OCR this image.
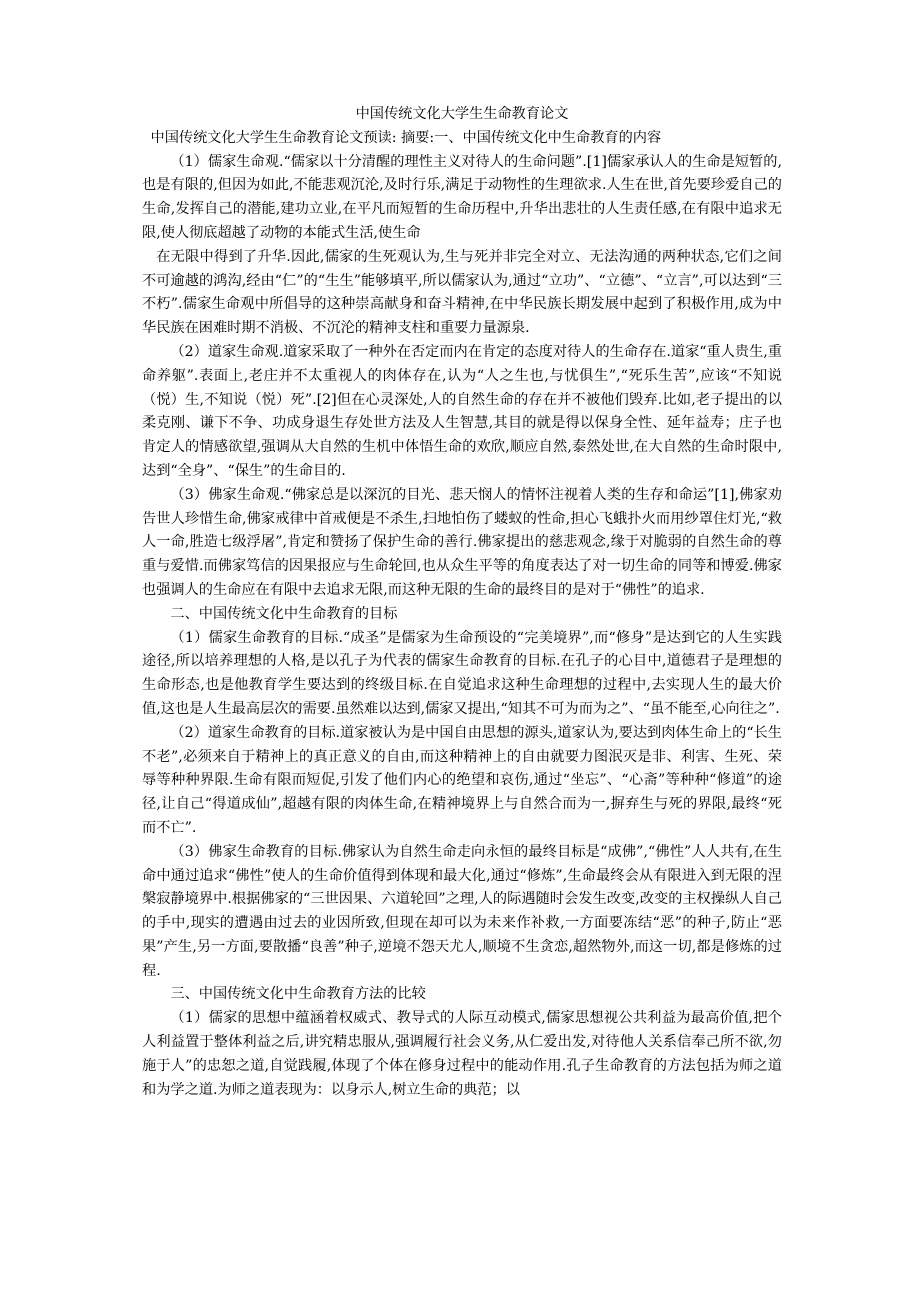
中国传统文化大学生生命教育论文

中国传统文化大学生生命教育论文预读: 摘要:一、中国传统文化中生命教育的内容

（1）儒家生命观.“儒家以十分清醒的理性主义对待人的生命问题”.[1]儒家承认人的生命是短暂的,也是有限的,但因为如此,不能悲观沉沦,及时行乐,满足于动物性的生理欲求.人生在世,首先要珍爱自己的生命,发挥自己的潜能,建功立业,在平凡而短暂的生命历程中,升华出悲壮的人生责任感,在有限中追求无限,使人彻底超越了动物的本能式生活,使生命

在无限中得到了升华.因此,儒家的生死观认为,生与死并非完全对立、无法沟通的两种状态,它们之间不可逾越的鸿沟,经由“仁”的“生生”能够填平,所以儒家认为,通过“立功”、“立德”、“立言”,可以达到“三不朽”.儒家生命观中所倡导的这种崇高献身和奋斗精神,在中华民族长期发展中起到了积极作用,成为中华民族在困难时期不消极、不沉沦的精神支柱和重要力量源泉.

（2）道家生命观.道家采取了一种外在否定而内在肯定的态度对待人的生命存在.道家“重人贵生,重命养躯”.表面上,老庄并不太重视人的肉体存在,认为“人之生也,与忧俱生”,“死乐生苦”,应该“不知说（悦）生,不知说（悦）死”.[2]但在心灵深处,人的自然生命的存在并不被他们毁弃.比如,老子提出的以柔克刚、谦下不争、功成身退生存处世方法及人生智慧,其目的就是得以保身全性、延年益寿；庄子也肯定人的情感欲望,强调从大自然的生机中体悟生命的欢欣,顺应自然,泰然处世,在大自然的生命时限中,达到“全身”、“保生”的生命目的.

（3）佛家生命观.“佛家总是以深沉的目光、悲天悯人的情怀注视着人类的生存和命运”[1],佛家劝告世人珍惜生命,佛家戒律中首戒便是不杀生,扫地怕伤了蝼蚁的性命,担心飞蛾扑火而用纱罩住灯光,“救人一命,胜造七级浮屠”,肯定和赞扬了保护生命的善行.佛家提出的慈悲观念,缘于对脆弱的自然生命的尊重与爱惜.而佛家笃信的因果报应与生命轮回,也从众生平等的角度表达了对一切生命的同等和博爱.佛家也强调人的生命应在有限中去追求无限,而这种无限的生命的最终目的是对于“佛性”的追求.

二、中国传统文化中生命教育的目标

（1）儒家生命教育的目标.“成圣”是儒家为生命预设的“完美境界”,而“修身”是达到它的人生实践途径,所以培养理想的人格,是以孔子为代表的儒家生命教育的目标.在孔子的心目中,道德君子是理想的生命形态,也是他教育学生要达到的终级目标.在自觉追求这种生命理想的过程中,去实现人生的最大价值,这也是人生最高层次的需要.虽然难以达到,儒家又提出,“知其不可为而为之”、“虽不能至,心向往之”.

（2）道家生命教育的目标.道家被认为是中国自由思想的源头,道家认为,要达到肉体生命上的“长生不老”,必须来自于精神上的真正意义的自由,而这种精神上的自由就要力图泯灭是非、利害、生死、荣辱等种种界限.生命有限而短促,引发了他们内心的绝望和哀伤,通过“坐忘”、“心斋”等种种“修道”的途径,让自己“得道成仙”,超越有限的肉体生命,在精神境界上与自然合而为一,摒弃生与死的界限,最终“死而不亡”.

（3）佛家生命教育的目标.佛家认为自然生命走向永恒的最终目标是“成佛”,“佛性”人人共有,在生命中通过追求“佛性”使人的生命价值得到体现和最大化,通过“修炼”,生命最终会从有限进入到无限的涅槃寂静境界中.根据佛家的“三世因果、六道轮回”之理,人的际遇随时会发生改变,改变的主权操纵人自己的手中,现实的遭遇由过去的业因所致,但现在却可以为未来作补救,一方面要冻结“恶”的种子,防止“恶果”产生,另一方面,要散播“良善”种子,逆境不怨天尤人,顺境不生贪恋,超然物外,而这一切,都是修炼的过程.

三、中国传统文化中生命教育方法的比较

（1）儒家的思想中蕴涵着权威式、教导式的人际互动模式,儒家思想视公共利益为最高价值,把个人利益置于整体利益之后,讲究精忠服从,强调履行社会义务,从仁爱出发,对待他人关系信奉己所不欲,勿施于人”的忠恕之道,自觉践履,体现了个体在修身过程中的能动作用.孔子生命教育的方法包括为师之道和为学之道.为师之道表现为：以身示人,树立生命的典范；以
